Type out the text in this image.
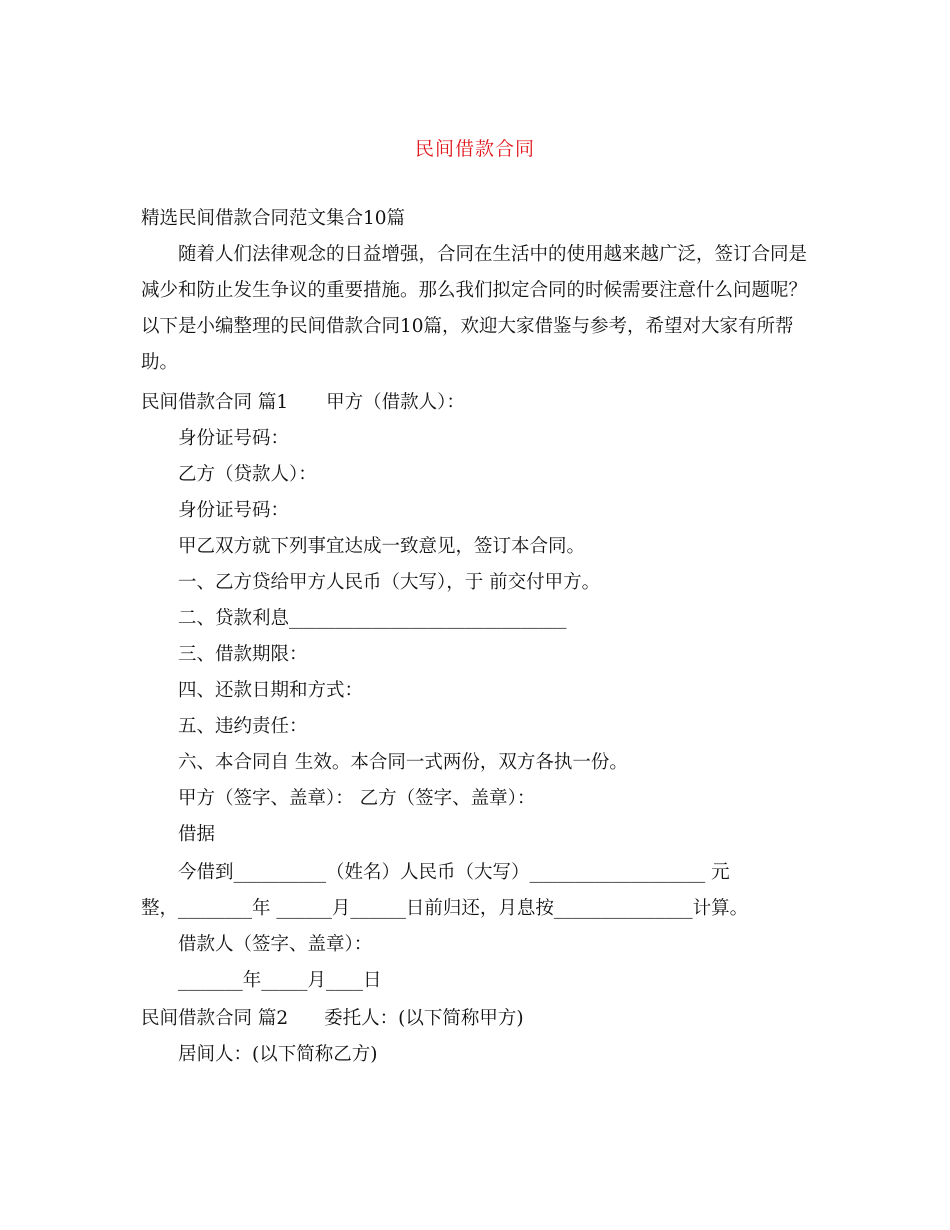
民间借款合同
精选民间借款合同范文集合10篇
　　随着人们法律观念的日益增强，合同在生活中的使用越来越广泛，签订合同是
减少和防止发生争议的重要措施。那么我们拟定合同的时候需要注意什么问题呢？
以下是小编整理的民间借款合同10篇，欢迎大家借鉴与参考，希望对大家有所帮
助。
民间借款合同 篇1 甲方（借款人）：
身份证号码：
乙方（贷款人）：
身份证号码：
甲乙双方就下列事宜达成一致意见，签订本合同。
一、乙方贷给甲方人民币（大写），于 前交付甲方。
二、贷款利息______________________________
三、借款期限：
四、还款日期和方式：
五、违约责任：
六、本合同自 生效。本合同一式两份，双方各执一份。
甲方（签字、盖章）： 乙方（签字、盖章）：
借据
今借到__________（姓名）人民币（大写）___________________ 元
整，________年 ______月______日前归还，月息按_______________计算。
借款人（签字、盖章）：
_______年_____月____日
民间借款合同 篇2 委托人：(以下简称甲方)
居间人：(以下简称乙方)
